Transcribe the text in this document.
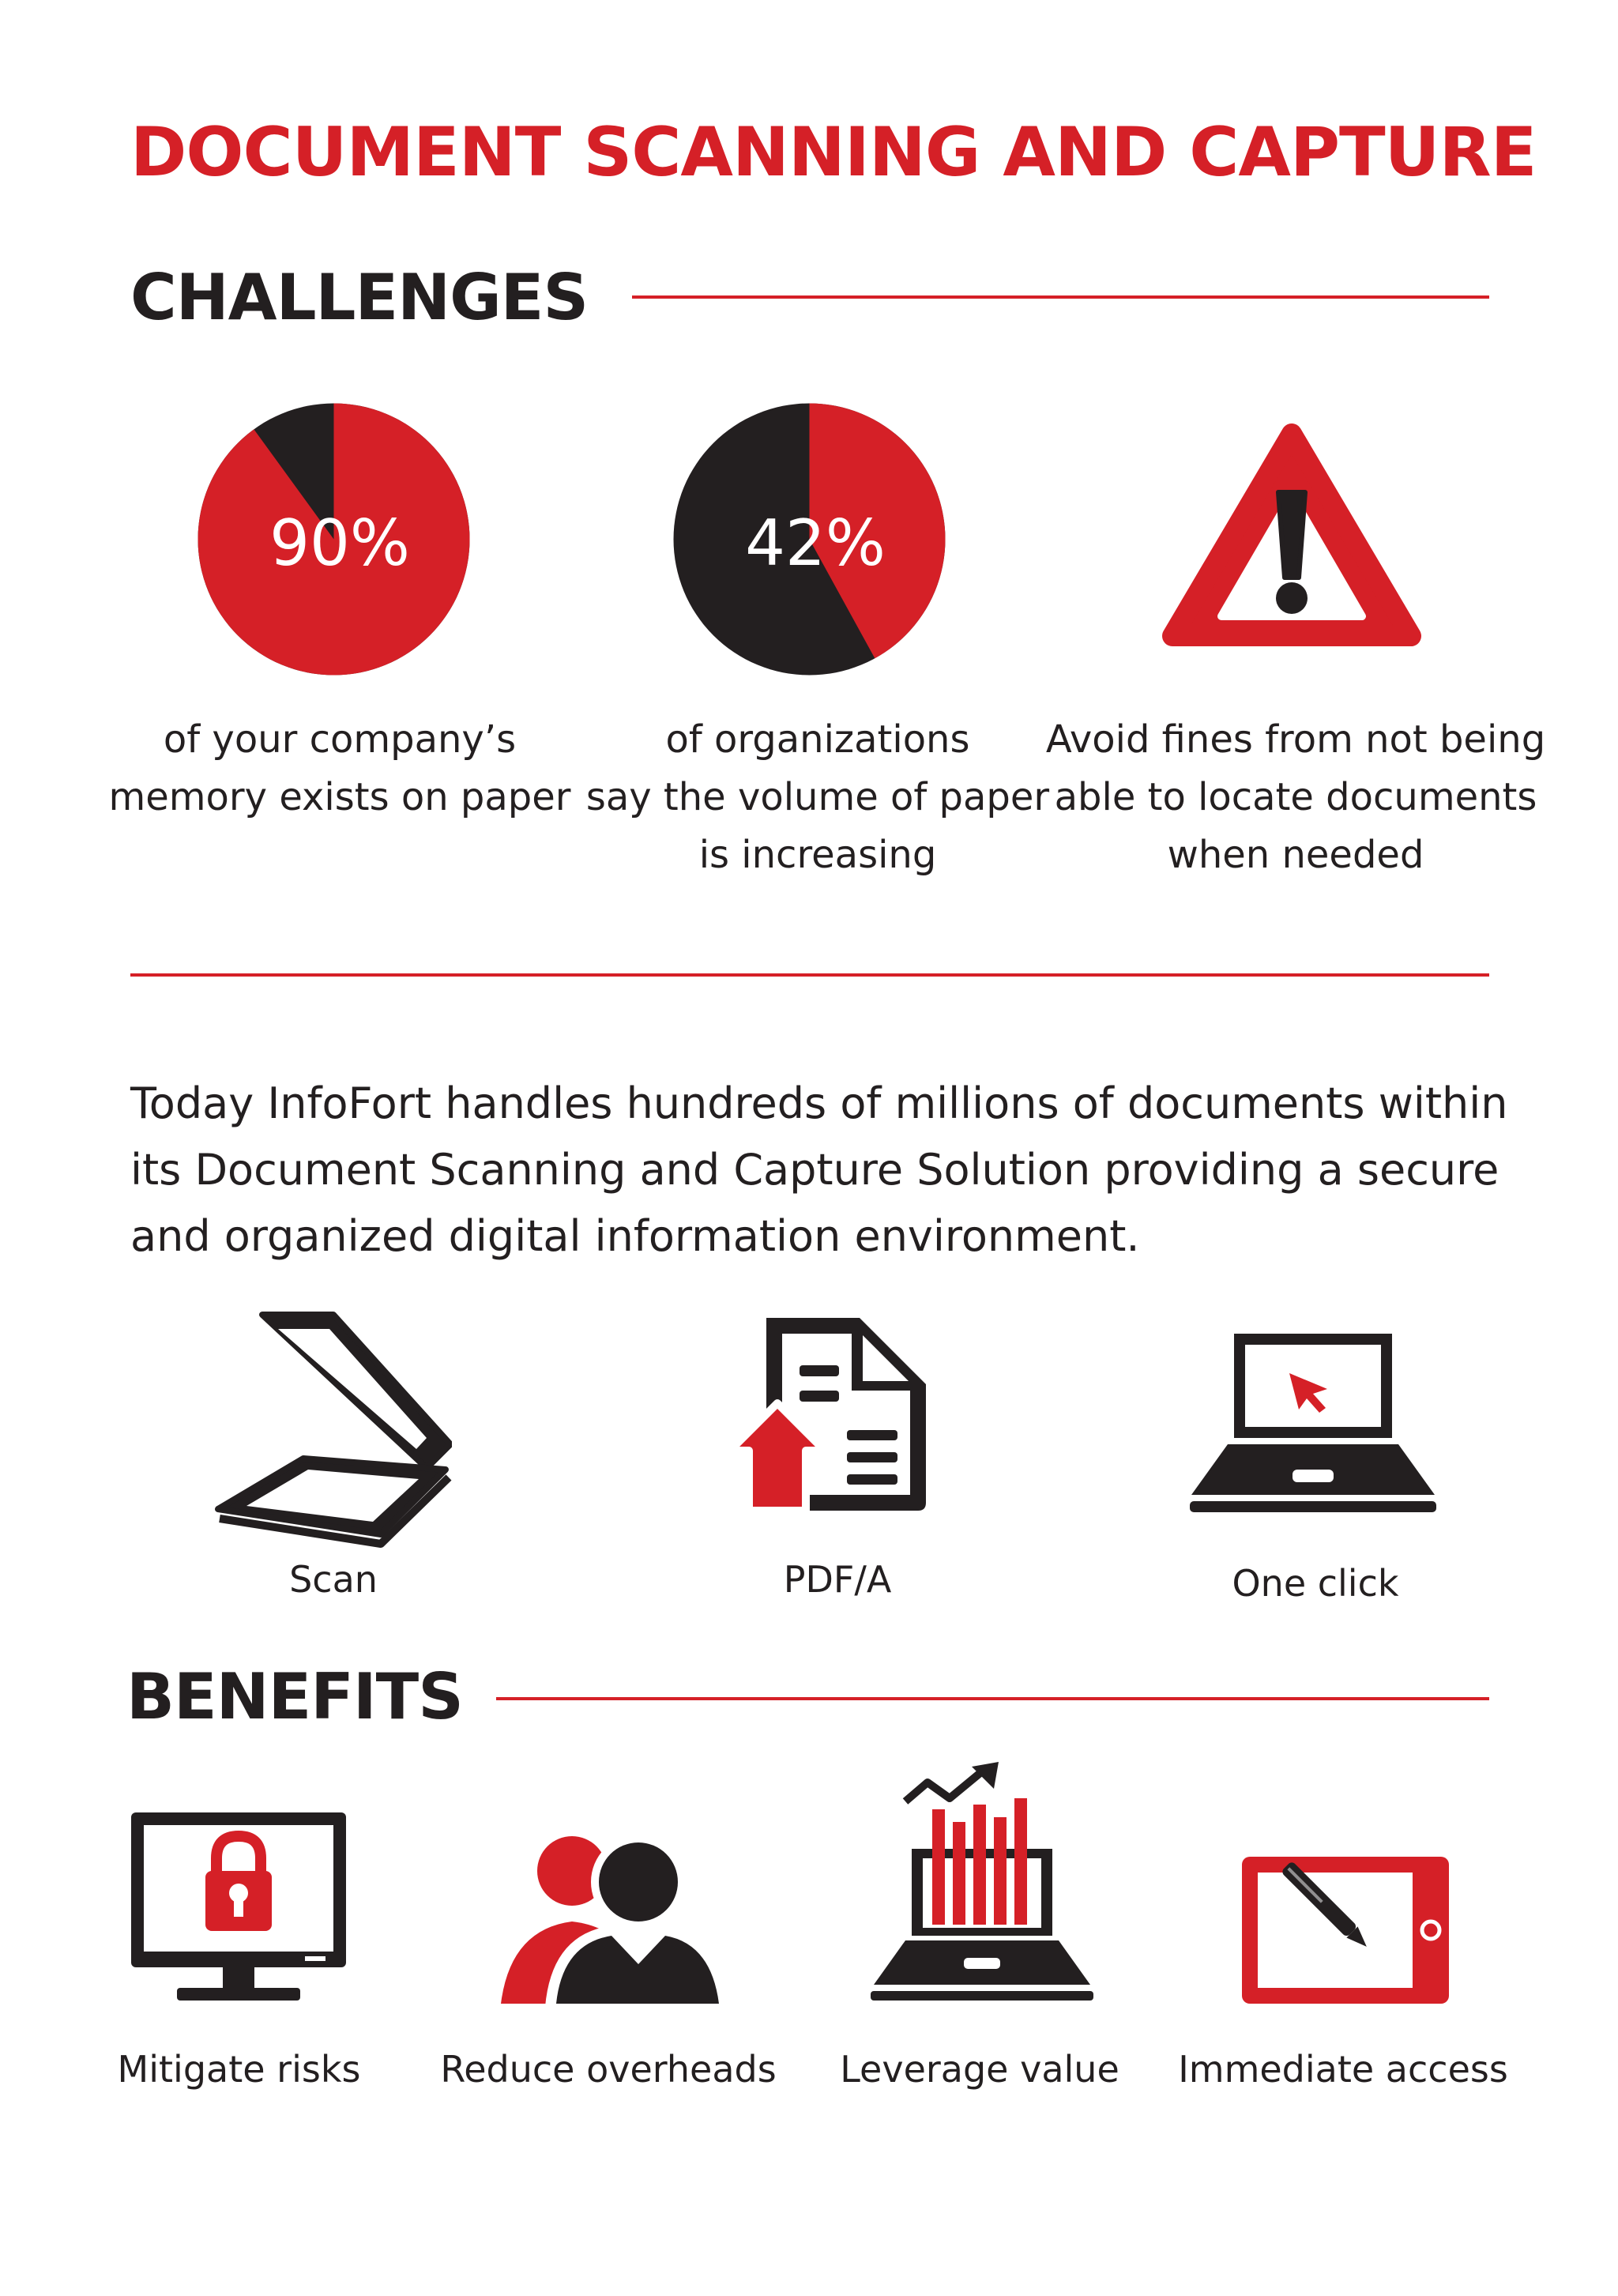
DOCUMENT SCANNING AND CAPTURE
CHALLENGES
90%	42%
of your company’s
memory exists on paper
of organizations
say the volume of paper
is increasing
Avoid fines from not being
able to locate documents
when needed

Today InfoFort handles hundreds of millions of documents within
its Document Scanning and Capture Solution providing a secure
and organized digital information environment.

Scan	PDF/A	One click
BENEFITS
Mitigate risks	Reduce overheads Leverage value Immediate access
